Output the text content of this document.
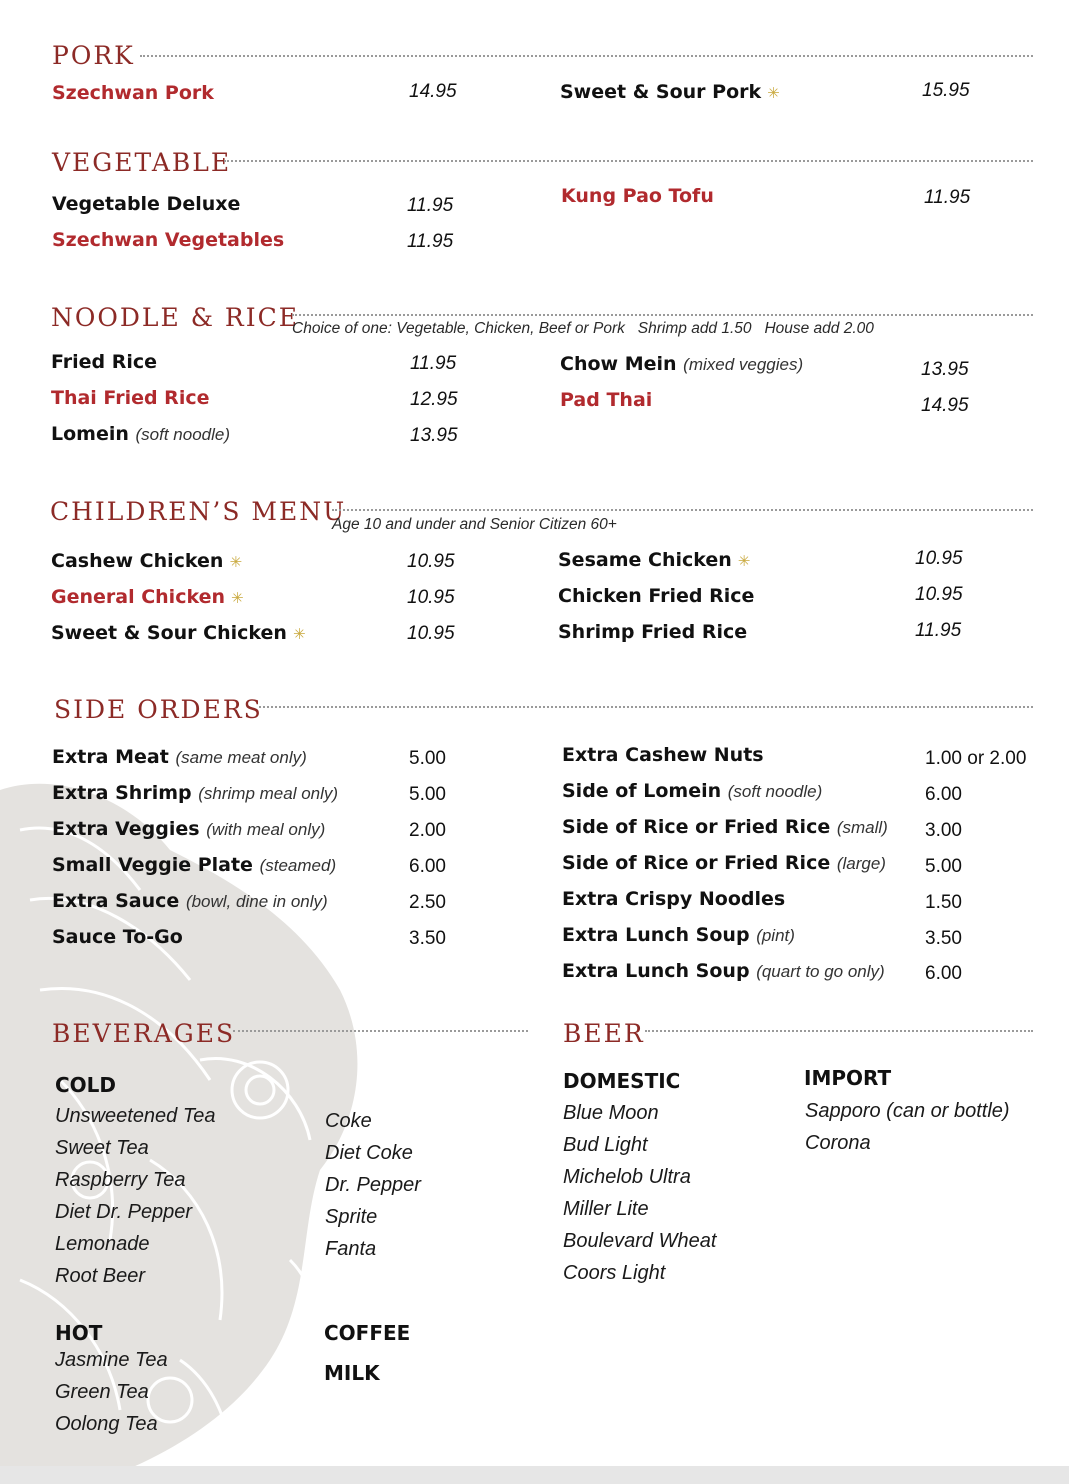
PORK
Szechwan Pork	14.95	Sweet & Sour Pork ✳	15.95
VEGETABLE
Vegetable Deluxe	11.95
Szechwan Vegetables	11.95
Kung Pao Tofu	11.95
NOODLE & RICE
Choice of one: Vegetable, Chicken, Beef or Pork   Shrimp add 1.50   House add 2.00
Fried Rice	11.95
Thai Fried Rice	12.95
Lomein (soft noodle)	13.95
Chow Mein (mixed veggies)	13.95
Pad Thai	14.95
CHILDREN’S MENU
Age 10 and under and Senior Citizen 60+
Cashew Chicken ✳	10.95
General Chicken ✳	10.95
Sweet & Sour Chicken ✳	10.95
Sesame Chicken ✳	10.95
Chicken Fried Rice	10.95
Shrimp Fried Rice	11.95
SIDE ORDERS
Extra Meat (same meat only)	5.00
Extra Shrimp (shrimp meal only)	5.00
Extra Veggies (with meal only)	2.00
Small Veggie Plate (steamed)	6.00
Extra Sauce (bowl, dine in only)	2.50
Sauce To-Go	3.50
Extra Cashew Nuts	1.00 or 2.00
Side of Lomein (soft noodle)	6.00
Side of Rice or Fried Rice (small) 3.00
Side of Rice or Fried Rice (large) 5.00
Extra Crispy Noodles	1.50
Extra Lunch Soup (pint)	3.50
Extra Lunch Soup (quart to go only) 6.00
BEVERAGES
COLD
Unsweetened Tea
Sweet Tea
Raspberry Tea
Diet Dr. Pepper
Lemonade
Root Beer
Coke
Diet Coke
Dr. Pepper
Sprite
Fanta
HOT
Jasmine Tea
Green Tea
Oolong Tea
COFFEE
MILK
BEER
DOMESTIC
Blue Moon
Bud Light
Michelob Ultra
Miller Lite
Boulevard Wheat
Coors Light
IMPORT
Sapporo (can or bottle)
Corona
